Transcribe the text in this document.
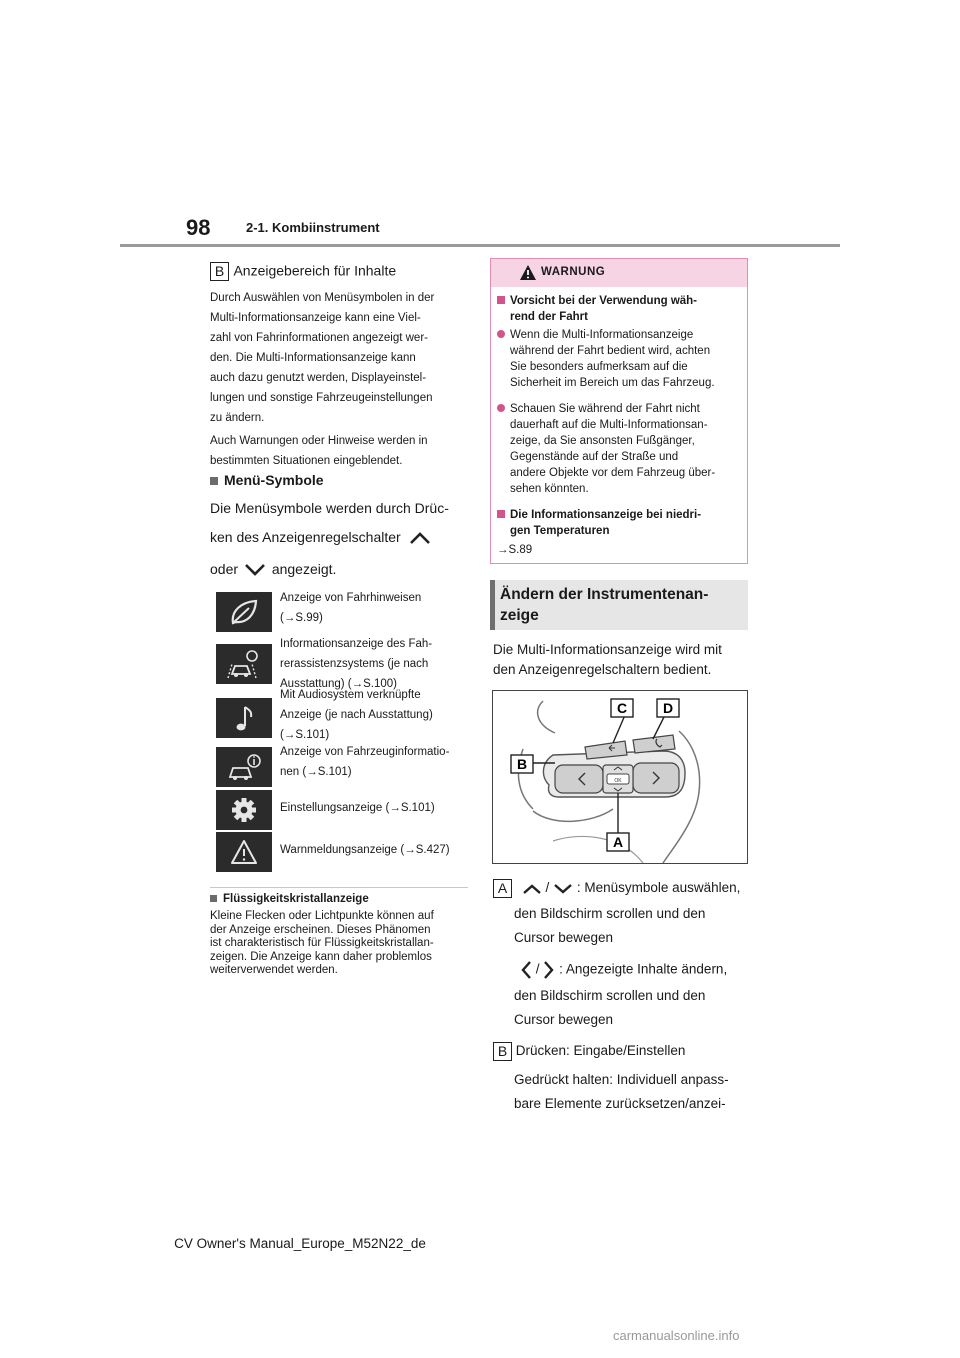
98	2-1. Kombiinstrument
B Anzeigebereich für Inhalte

Durch Auswählen von Menüsymbolen in der

Multi-Informationsanzeige kann eine Viel-

zahl von Fahrinformationen angezeigt wer-

den. Die Multi-Informationsanzeige kann

auch dazu genutzt werden, Displayeinstel-

lungen und sonstige Fahrzeugeinstellungen

zu ändern.

Auch Warnungen oder Hinweise werden in

bestimmten Situationen eingeblendet.

Menü-Symbole

Die Menüsymbole werden durch Drüc-

ken des Anzeigenregelschalter

oder angezeigt.

Anzeige von Fahrhinweisen
(→S.99)
Informationsanzeige des Fah-
rerassistenzsystems (je nach
Ausstattung) (→S.100)
Mit Audiosystem verknüpfte
Anzeige (je nach Ausstattung)
(→S.101)
Anzeige von Fahrzeuginformatio-
nen (→S.101)
Einstellungsanzeige (→S.101)
Warnmeldungsanzeige (→S.427)
Flüssigkeitskristallanzeige
Kleine Flecken oder Lichtpunkte können auf
der Anzeige erscheinen. Dieses Phänomen
ist charakteristisch für Flüssigkeitskristallan-
zeigen. Die Anzeige kann daher problemlos
weiterverwendet werden.
WARNUNG
Vorsicht bei der Verwendung wäh-
rend der Fahrt
Wenn die Multi-Informationsanzeige
während der Fahrt bedient wird, achten
Sie besonders aufmerksam auf die
Sicherheit im Bereich um das Fahrzeug.
Schauen Sie während der Fahrt nicht
dauerhaft auf die Multi-Informationsan-
zeige, da Sie ansonsten Fußgänger,
Gegenstände auf der Straße und
andere Objekte vor dem Fahrzeug über-
sehen könnten.
Die Informationsanzeige bei niedri-
gen Temperaturen
→S.89
Ändern der Instrumentenan-
zeige
Die Multi-Informationsanzeige wird mit
den Anzeigenregelschaltern bedient.
OK
C	D
B
A
A	/ : Menüsymbole auswählen,
den Bildschirm scrollen und den
Cursor bewegen
/ : Angezeigte Inhalte ändern,
den Bildschirm scrollen und den
Cursor bewegen
B Drücken: Eingabe/Einstellen
Gedrückt halten: Individuell anpass-
bare Elemente zurücksetzen/anzei-
CV Owner's Manual_Europe_M52N22_de
carmanualsonline.info
